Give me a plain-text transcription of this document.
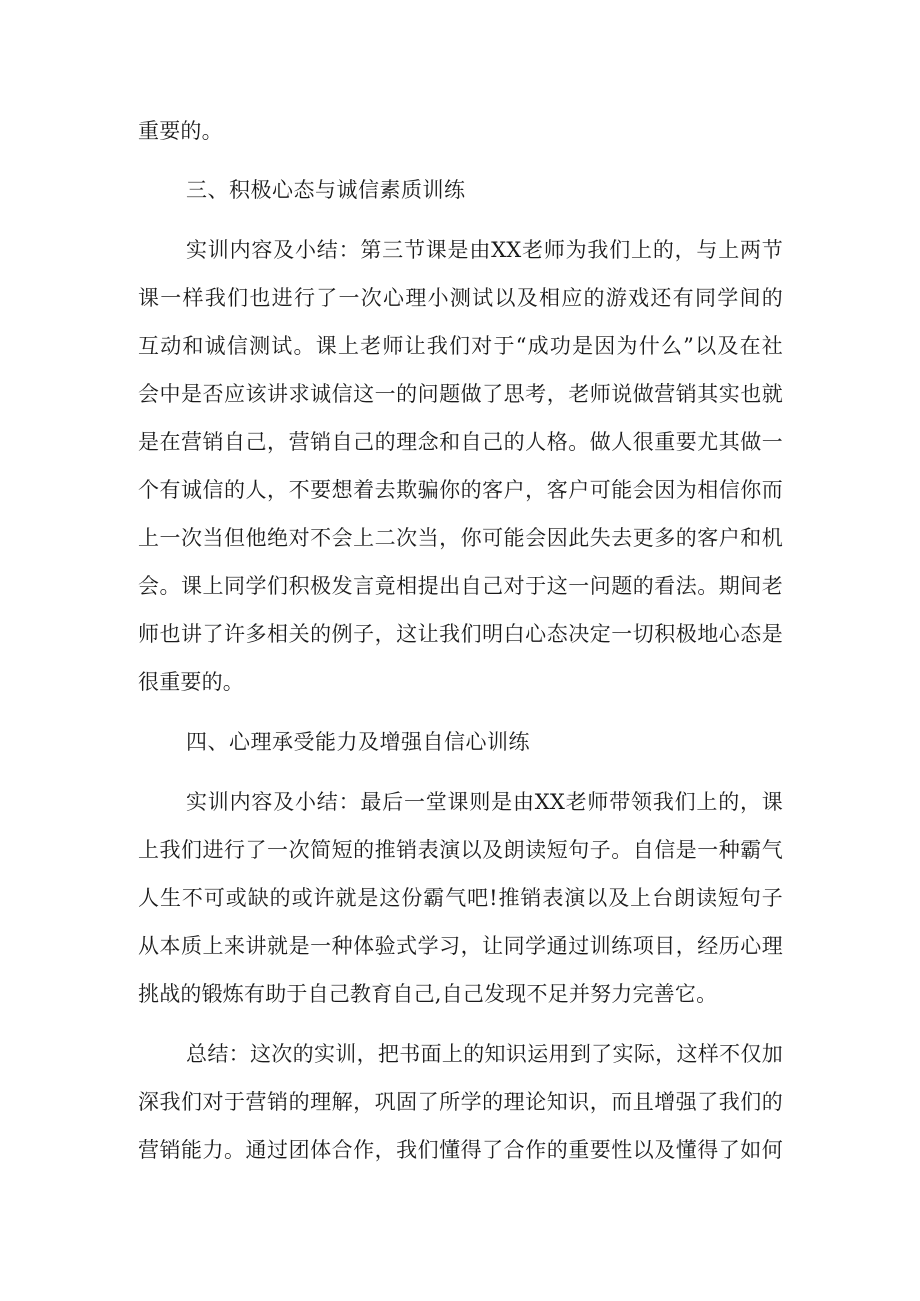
重要的。
三、积极心态与诚信素质训练
实训内容及小结：第三节课是由XX老师为我们上的，与上两节
课一样我们也进行了一次心理小测试以及相应的游戏还有同学间的
互动和诚信测试。课上老师让我们对于“成功是因为什么”以及在社
会中是否应该讲求诚信这一的问题做了思考，老师说做营销其实也就
是在营销自己，营销自己的理念和自己的人格。做人很重要尤其做一
个有诚信的人，不要想着去欺骗你的客户，客户可能会因为相信你而
上一次当但他绝对不会上二次当，你可能会因此失去更多的客户和机
会。课上同学们积极发言竟相提出自己对于这一问题的看法。期间老
师也讲了许多相关的例子，这让我们明白心态决定一切积极地心态是
很重要的。
四、心理承受能力及增强自信心训练
实训内容及小结：最后一堂课则是由XX老师带领我们上的，课
上我们进行了一次简短的推销表演以及朗读短句子。自信是一种霸气
人生不可或缺的或许就是这份霸气吧!推销表演以及上台朗读短句子
从本质上来讲就是一种体验式学习，让同学通过训练项目，经历心理
挑战的锻炼有助于自己教育自己,自己发现不足并努力完善它。
总结：这次的实训，把书面上的知识运用到了实际，这样不仅加
深我们对于营销的理解，巩固了所学的理论知识，而且增强了我们的
营销能力。通过团体合作，我们懂得了合作的重要性以及懂得了如何
